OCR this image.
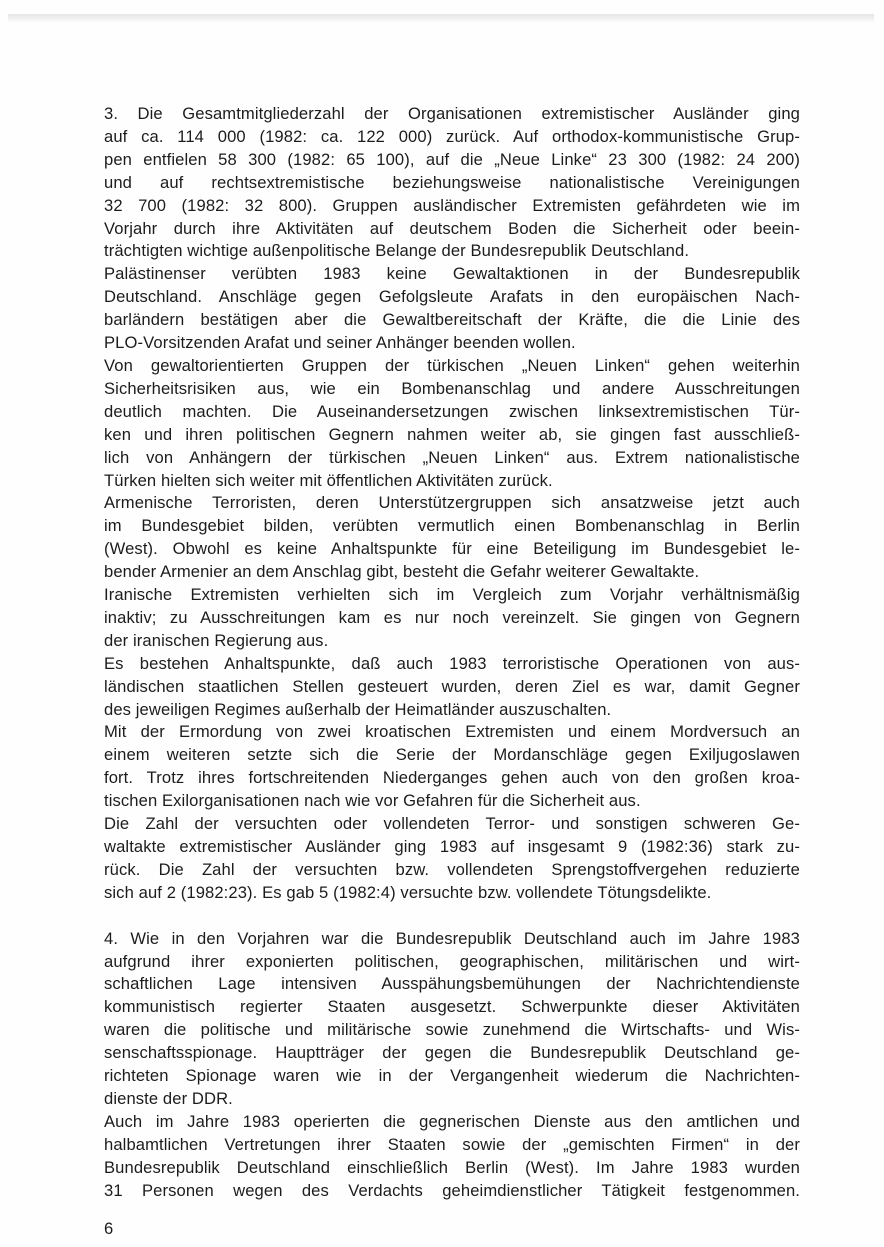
3. Die Gesamtmitgliederzahl der Organisationen extremistischer Ausländer ging
auf ca. 114 000 (1982: ca. 122 000) zurück. Auf orthodox-kommunistische Grup-
pen entfielen 58 300 (1982: 65 100), auf die „Neue Linke“ 23 300 (1982: 24 200)
und auf rechtsextremistische beziehungsweise nationalistische Vereinigungen
32 700 (1982: 32 800). Gruppen ausländischer Extremisten gefährdeten wie im
Vorjahr durch ihre Aktivitäten auf deutschem Boden die Sicherheit oder beein-
trächtigten wichtige außenpolitische Belange der Bundesrepublik Deutschland.
Palästinenser verübten 1983 keine Gewaltaktionen in der Bundesrepublik
Deutschland. Anschläge gegen Gefolgsleute Arafats in den europäischen Nach-
barländern bestätigen aber die Gewaltbereitschaft der Kräfte, die die Linie des
PLO-Vorsitzenden Arafat und seiner Anhänger beenden wollen.
Von gewaltorientierten Gruppen der türkischen „Neuen Linken“ gehen weiterhin
Sicherheitsrisiken aus, wie ein Bombenanschlag und andere Ausschreitungen
deutlich machten. Die Auseinandersetzungen zwischen linksextremistischen Tür-
ken und ihren politischen Gegnern nahmen weiter ab, sie gingen fast ausschließ-
lich von Anhängern der türkischen „Neuen Linken“ aus. Extrem nationalistische
Türken hielten sich weiter mit öffentlichen Aktivitäten zurück.
Armenische Terroristen, deren Unterstützergruppen sich ansatzweise jetzt auch
im Bundesgebiet bilden, verübten vermutlich einen Bombenanschlag in Berlin
(West). Obwohl es keine Anhaltspunkte für eine Beteiligung im Bundesgebiet le-
bender Armenier an dem Anschlag gibt, besteht die Gefahr weiterer Gewaltakte.
Iranische Extremisten verhielten sich im Vergleich zum Vorjahr verhältnismäßig
inaktiv; zu Ausschreitungen kam es nur noch vereinzelt. Sie gingen von Gegnern
der iranischen Regierung aus.
Es bestehen Anhaltspunkte, daß auch 1983 terroristische Operationen von aus-
ländischen staatlichen Stellen gesteuert wurden, deren Ziel es war, damit Gegner
des jeweiligen Regimes außerhalb der Heimatländer auszuschalten.
Mit der Ermordung von zwei kroatischen Extremisten und einem Mordversuch an
einem weiteren setzte sich die Serie der Mordanschläge gegen Exiljugoslawen
fort. Trotz ihres fortschreitenden Niederganges gehen auch von den großen kroa-
tischen Exilorganisationen nach wie vor Gefahren für die Sicherheit aus.
Die Zahl der versuchten oder vollendeten Terror- und sonstigen schweren Ge-
waltakte extremistischer Ausländer ging 1983 auf insgesamt 9 (1982:36) stark zu-
rück. Die Zahl der versuchten bzw. vollendeten Sprengstoffvergehen reduzierte
sich auf 2 (1982:23). Es gab 5 (1982:4) versuchte bzw. vollendete Tötungsdelikte.
4. Wie in den Vorjahren war die Bundesrepublik Deutschland auch im Jahre 1983
aufgrund ihrer exponierten politischen, geographischen, militärischen und wirt-
schaftlichen Lage intensiven Ausspähungsbemühungen der Nachrichtendienste
kommunistisch regierter Staaten ausgesetzt. Schwerpunkte dieser Aktivitäten
waren die politische und militärische sowie zunehmend die Wirtschafts- und Wis-
senschaftsspionage. Hauptträger der gegen die Bundesrepublik Deutschland ge-
richteten Spionage waren wie in der Vergangenheit wiederum die Nachrichten-
dienste der DDR.
Auch im Jahre 1983 operierten die gegnerischen Dienste aus den amtlichen und
halbamtlichen Vertretungen ihrer Staaten sowie der „gemischten Firmen“ in der
Bundesrepublik Deutschland einschließlich Berlin (West). Im Jahre 1983 wurden
31 Personen wegen des Verdachts geheimdienstlicher Tätigkeit festgenommen.
6
